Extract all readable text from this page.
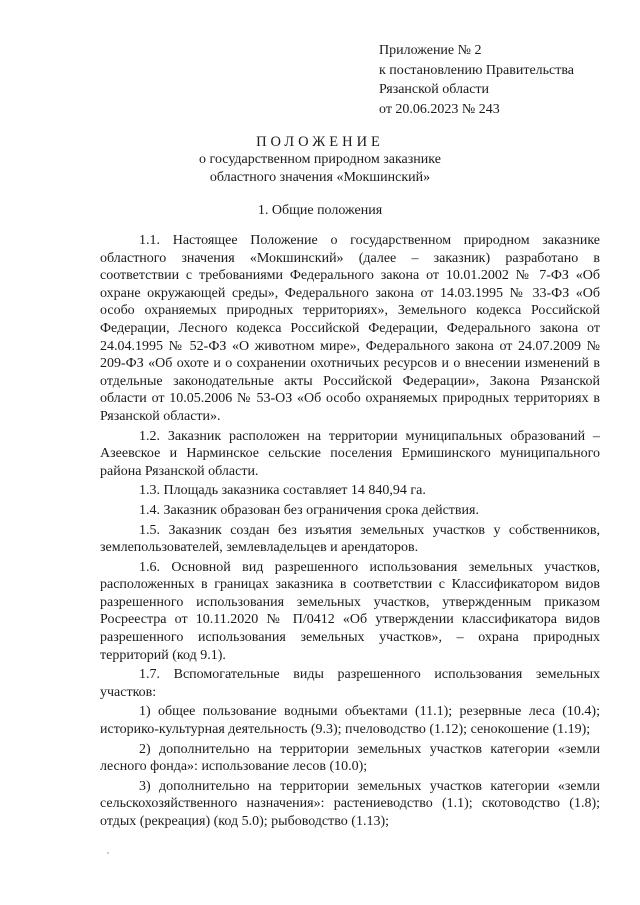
Приложение № 2
к постановлению Правительства
Рязанской области
от 20.06.2023 № 243
ПОЛОЖЕНИЕ
о государственном природном заказнике
областного значения «Мокшинский»
1. Общие положения

1.1. Настоящее Положение о государственном природном заказнике областного значения «Мокшинский» (далее – заказник) разработано в соответствии с требованиями Федерального закона от 10.01.2002 № 7-ФЗ «Об охране окружающей среды», Федерального закона от 14.03.1995 № 33-ФЗ «Об особо охраняемых природных территориях», Земельного кодекса Российской Федерации, Лесного кодекса Российской Федерации, Федерального закона от 24.04.1995 № 52-ФЗ «О животном мире», Федерального закона от 24.07.2009 № 209-ФЗ «Об охоте и о сохранении охотничьих ресурсов и о внесении изменений в отдельные законодательные акты Российской Федерации», Закона Рязанской области от 10.05.2006 № 53-ОЗ «Об особо охраняемых природных территориях в Рязанской области».

1.2. Заказник расположен на территории муниципальных образований – Азеевское и Нарминское сельские поселения Ермишинского муниципального района Рязанской области.

1.3. Площадь заказника составляет 14 840,94 га.

1.4. Заказник образован без ограничения срока действия.

1.5. Заказник создан без изъятия земельных участков у собственников, землепользователей, землевладельцев и арендаторов.

1.6. Основной вид разрешенного использования земельных участков, расположенных в границах заказника в соответствии с Классификатором видов разрешенного использования земельных участков, утвержденным приказом Росреестра от 10.11.2020 № П/0412 «Об утверждении классификатора видов разрешенного использования земельных участков», – охрана природных территорий (код 9.1).

1.7. Вспомогательные виды разрешенного использования земельных участков:

1) общее пользование водными объектами (11.1); резервные леса (10.4); историко-культурная деятельность (9.3); пчеловодство (1.12); сенокошение (1.19);

2) дополнительно на территории земельных участков категории «земли лесного фонда»: использование лесов (10.0);

3) дополнительно на территории земельных участков категории «земли сельскохозяйственного назначения»: растениеводство (1.1); скотоводство (1.8); отдых (рекреация) (код 5.0); рыбоводство (1.13);
